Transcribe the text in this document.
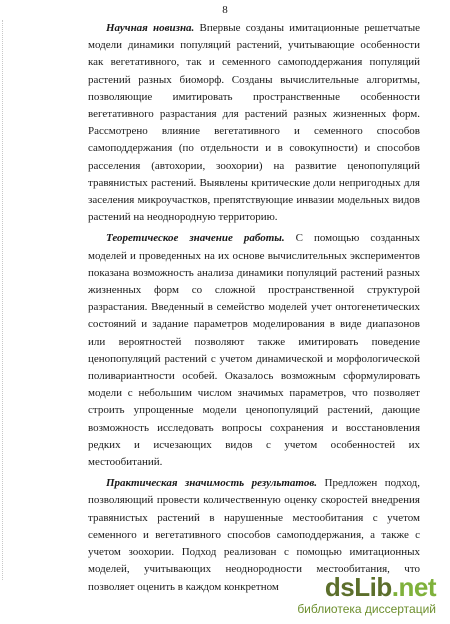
8

Научная новизна. Впервые созданы имитационные решетчатые модели динамики популяций растений, учитывающие особенности как вегетативного, так и семенного самоподдержания популяций растений разных биоморф. Созданы вычислительные алгоритмы, позволяющие имитировать пространственные особенности вегетативного разрастания для растений разных жизненных форм. Рассмотрено влияние вегетативного и семенного способов самоподдержания (по отдельности и в совокупности) и способов расселения (автохории, зоохории) на развитие ценопопуляций травянистых растений. Выявлены критические доли непригодных для заселения микроучастков, препятствующие инвазии модельных видов растений на неоднородную территорию.

Теоретическое значение работы. С помощью созданных моделей и проведенных на их основе вычислительных экспериментов показана возможность анализа динамики популяций растений разных жизненных форм со сложной пространственной структурой разрастания. Введенный в семейство моделей учет онтогенетических состояний и задание параметров моделирования в виде диапазонов или вероятностей позволяют также имитировать поведение ценопопуляций растений с учетом динамической и морфологической поливариантности особей. Оказалось возможным сформулировать модели с небольшим числом значимых параметров, что позволяет строить упрощенные модели ценопопуляций растений, дающие возможность исследовать вопросы сохранения и восстановления редких и исчезающих видов с учетом особенностей их местообитаний.

Практическая значимость результатов. Предложен подход, позволяющий провести количественную оценку скоростей внедрения травянистых растений в нарушенные местообитания с учетом семенного и вегетативного способов самоподдержания, а также с учетом зоохории. Подход реализован с помощью имитационных моделей, учитывающих неоднородности местообитания, что позволяет оценить в каждом конкретном	dsLib.net
библиотека диссертаций
